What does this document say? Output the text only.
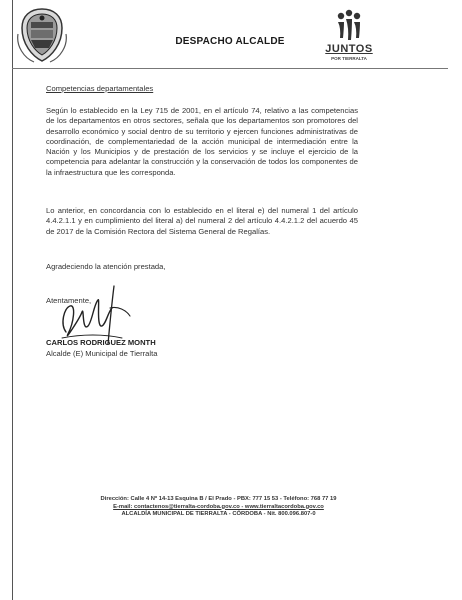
DESPACHO ALCALDE
JUNTOS
POR TIERRALTA
Competencias departamentales
Según lo establecido en la Ley 715 de 2001, en el artículo 74, relativo a las competencias de los departamentos en otros sectores, señala que los departamentos son promotores del desarrollo económico y social dentro de su territorio y ejercen funciones administrativas de coordinación, de complementariedad de la acción municipal de intermediación entre la Nación y los Municipios y de prestación de los servicios y se incluye el ejercicio de la competencia para adelantar la construcción y la conservación de todos los componentes de la infraestructura que les corresponda.
Lo anterior, en concordancia con lo establecido en el literal e) del numeral 1 del artículo 4.4.2.1.1 y en cumplimiento del literal a) del numeral 2 del artículo 4.4.2.1.2 del acuerdo 45 de 2017 de la Comisión Rectora del Sistema General de Regalías.
Agradeciendo la atención prestada,
Atentamente,
CARLOS RODRIGUEZ MONTH
Alcalde (E) Municipal de Tierralta
Dirección: Calle 4 Nº 14-13 Esquina B / El Prado - PBX: 777 15 53 - Teléfono: 768 77 19
E-mail: contactenos@tierralta-cordoba.gov.co - www.tierraltacordoba.gov.co
ALCALDÍA MUNICIPAL DE TIERRALTA - CÓRDOBA - Nit. 800.096.807-0
